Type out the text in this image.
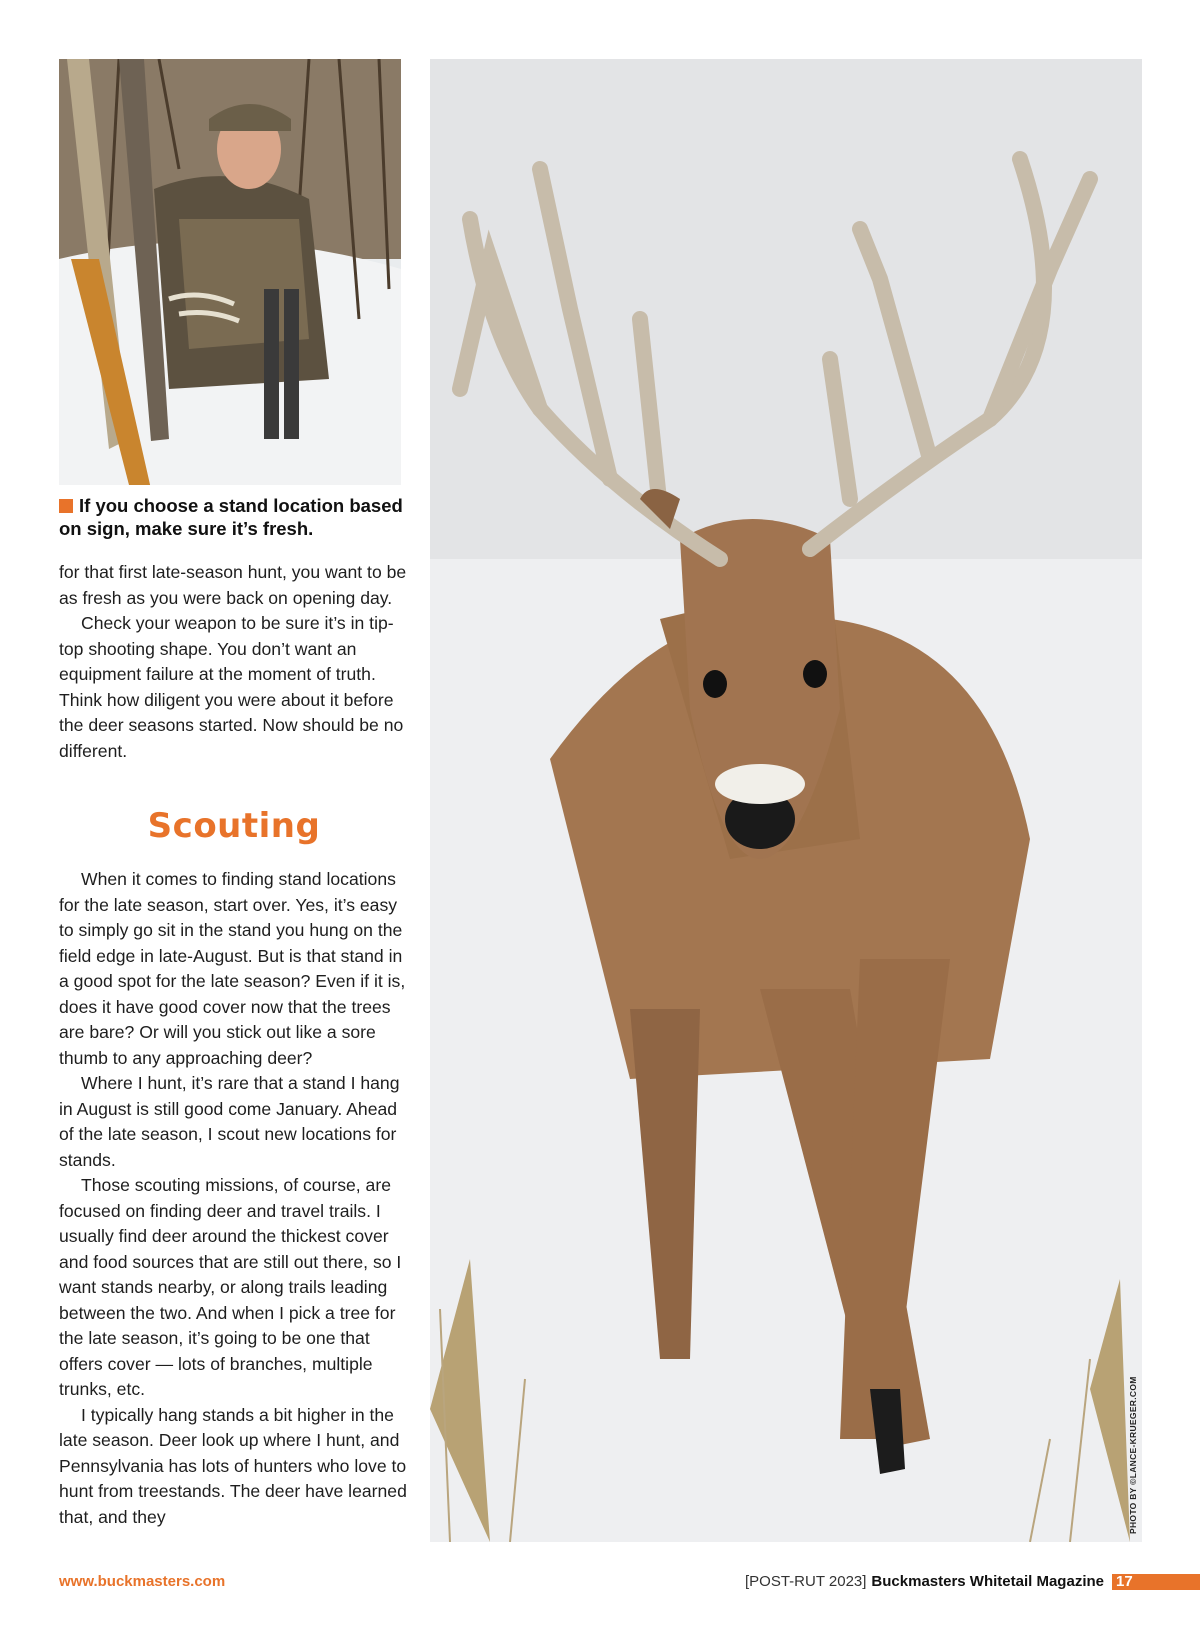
If you choose a stand location based on sign, make sure it’s fresh.

for that first late-season hunt, you want to be as fresh as you were back on opening day.

Check your weapon to be sure it’s in tip-top shooting shape. You don’t want an equipment failure at the moment of truth. Think how diligent you were about it before the deer seasons started. Now should be no different.

Scouting

When it comes to finding stand locations for the late season, start over. Yes, it’s easy to simply go sit in the stand you hung on the field edge in late-August. But is that stand in a good spot for the late season? Even if it is, does it have good cover now that the trees are bare? Or will you stick out like a sore thumb to any approaching deer?

Where I hunt, it’s rare that a stand I hang in August is still good come January. Ahead of the late season, I scout new locations for stands.

Those scouting missions, of course, are focused on finding deer and travel trails. I usually find deer around the thickest cover and food sources that are still out there, so I want stands nearby, or along trails leading between the two. And when I pick a tree for the late season, it’s going to be one that offers cover — lots of branches, multiple trunks, etc.

I typically hang stands a bit higher in the late season. Deer look up where I hunt, and Pennsylvania has lots of hunters who love to hunt from treestands. The deer have learned that, and they	PHOTO BY ©LANCE-KRUEGER.COM
www.buckmasters.com	[POST-RUT 2023] Buckmasters Whitetail Magazine 17
